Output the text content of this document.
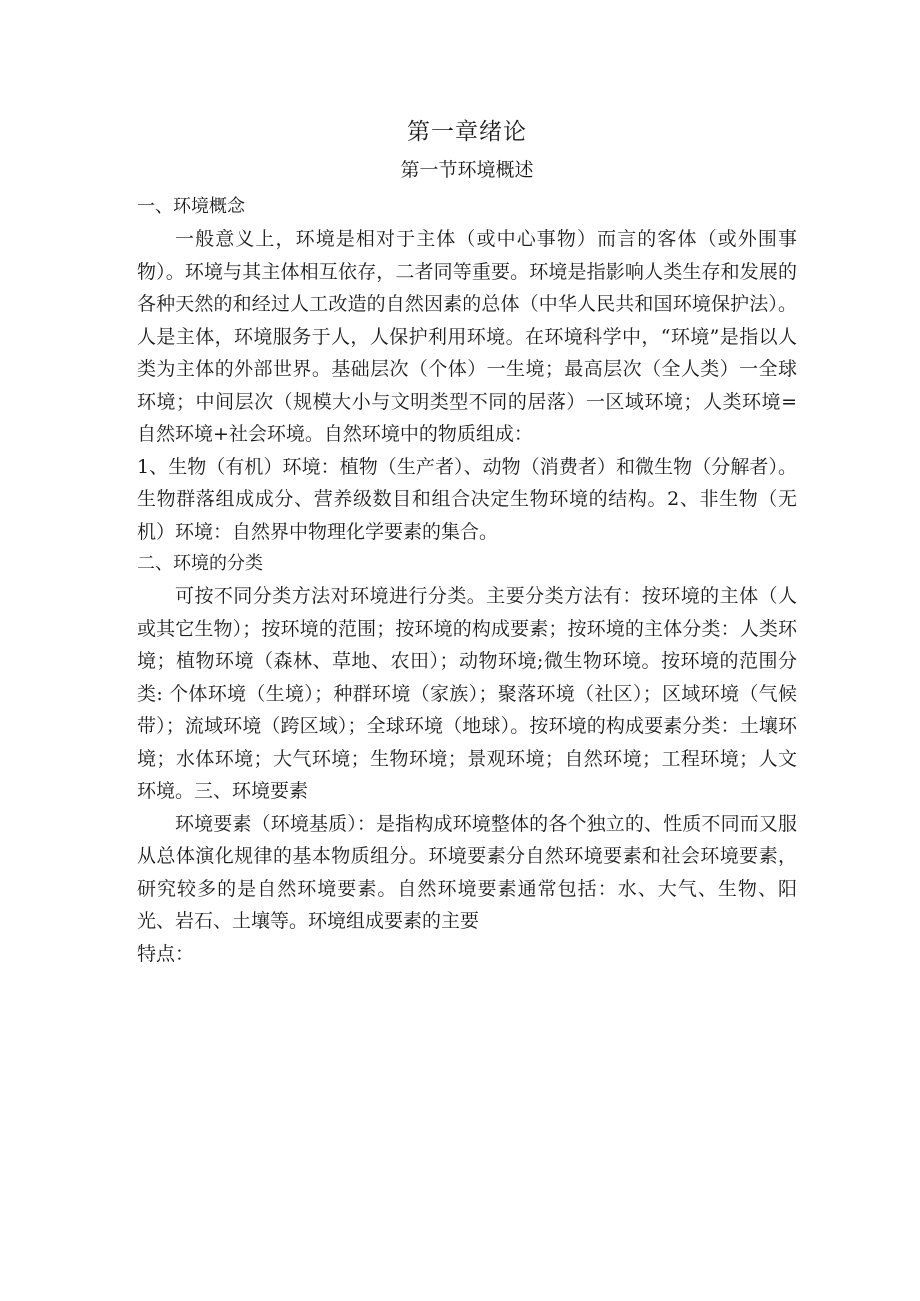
第一章绪论
第一节环境概述

一、环境概念

一般意义上，环境是相对于主体（或中心事物）而言的客体（或外围事物）。环境与其主体相互依存，二者同等重要。环境是指影响人类生存和发展的各种天然的和经过人工改造的自然因素的总体（中华人民共和国环境保护法）。人是主体，环境服务于人，人保护利用环境。在环境科学中，“环境”是指以人类为主体的外部世界。基础层次（个体）一生境；最高层次（全人类）一全球环境；中间层次（规模大小与文明类型不同的居落）一区域环境；人类环境=自然环境+社会环境。自然环境中的物质组成：

1、生物（有机）环境：植物（生产者）、动物（消费者）和微生物（分解者）。生物群落组成成分、营养级数目和组合决定生物环境的结构。2、非生物（无机）环境：自然界中物理化学要素的集合。

二、环境的分类

可按不同分类方法对环境进行分类。主要分类方法有：按环境的主体（人或其它生物）；按环境的范围；按环境的构成要素；按环境的主体分类：人类环境；植物环境（森林、草地、农田）；动物环境;微生物环境。按环境的范围分类: 个体环境（生境）；种群环境（家族）；聚落环境（社区）；区域环境（气候带）；流域环境（跨区域）；全球环境（地球）。按环境的构成要素分类：土壤环境；水体环境；大气环境；生物环境；景观环境；自然环境；工程环境；人文环境。三、环境要素

环境要素（环境基质）：是指构成环境整体的各个独立的、性质不同而又服从总体演化规律的基本物质组分。环境要素分自然环境要素和社会环境要素，研究较多的是自然环境要素。自然环境要素通常包括：水、大气、生物、阳光、岩石、土壤等。环境组成要素的主要

特点：
